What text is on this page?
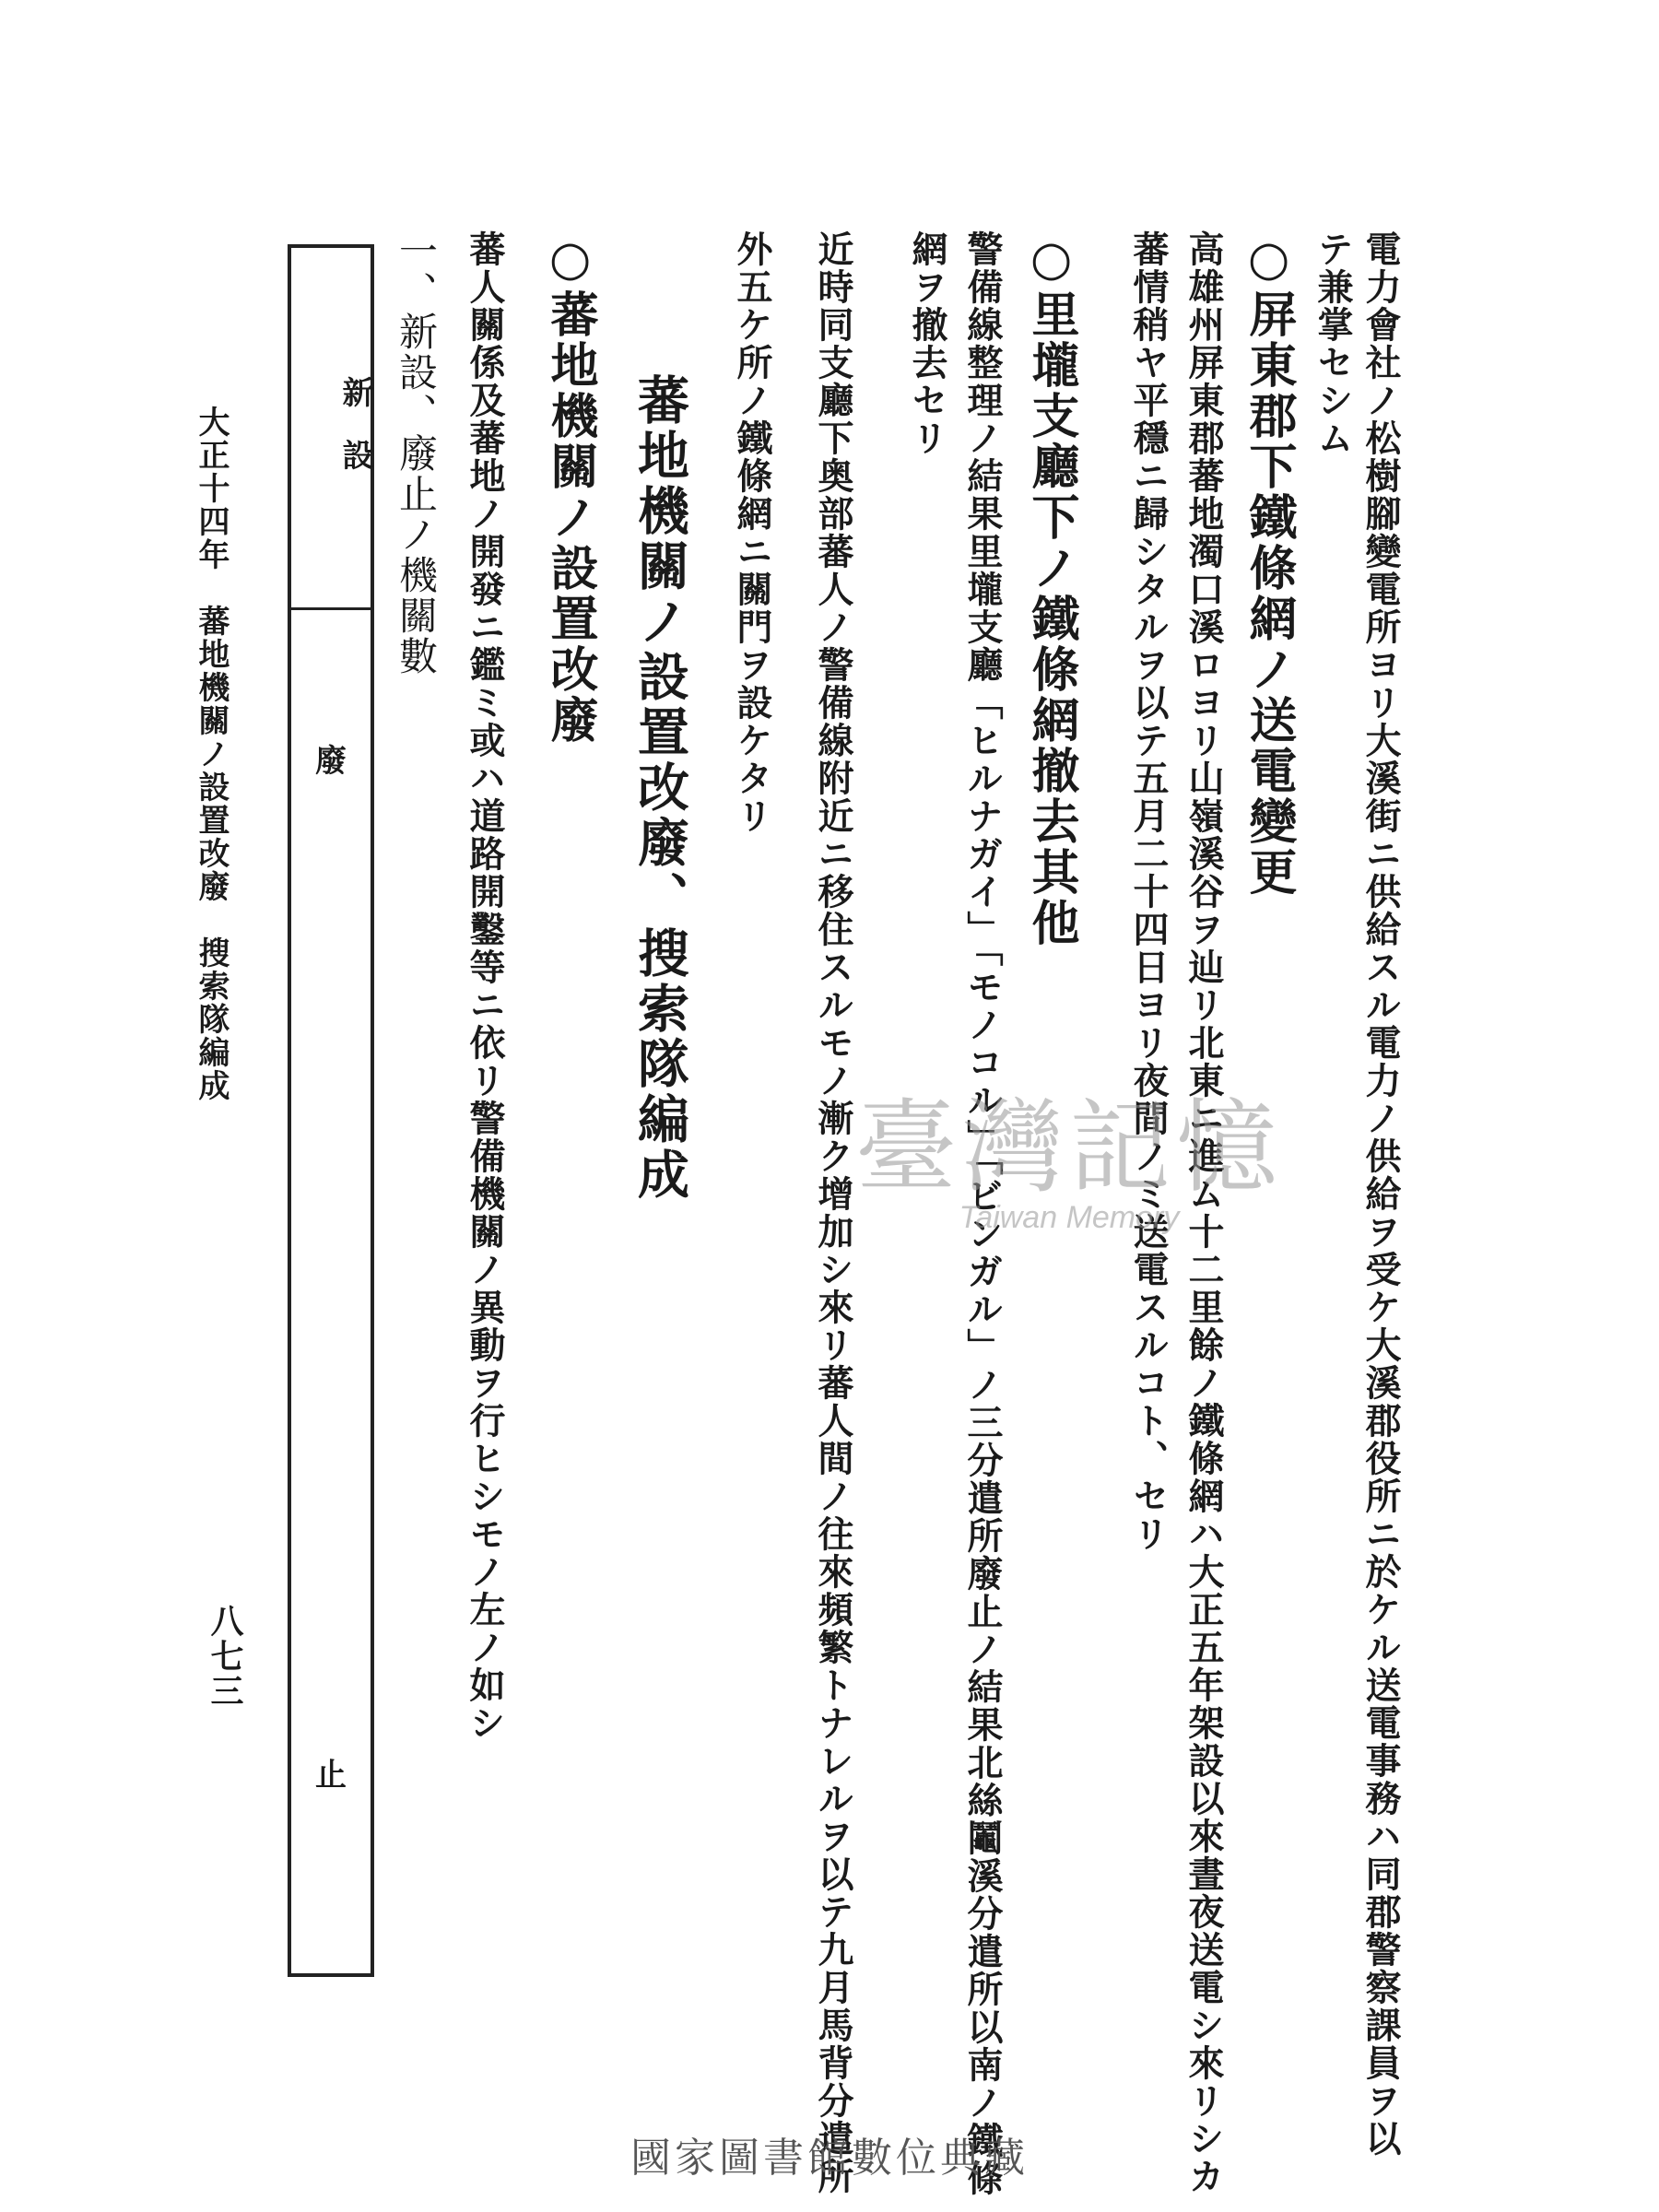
電力會社ノ松樹腳變電所ヨリ大溪街ニ供給スル電力ノ供給ヲ受ケ大溪郡役所ニ於ケル送電事務ハ同郡警察課員ヲ以
テ兼掌セシム
○屏東郡下鐵條網ノ送電變更
高雄州屏東郡蕃地濁口溪ロヨリ山嶺溪谷ヲ辿リ北東ニ進ム十二里餘ノ鐵條網ハ大正五年架設以來晝夜送電シ來リシカ
蕃情稍ヤ平穩ニ歸シタルヲ以テ五月二十四日ヨリ夜間ノミ送電スルコト、セリ
○里壠支廳下ノ鐵條網撤去其他
警備線整理ノ結果里壠支廳「ヒルナガイ」「モノコル」「ビンガル」ノ三分遣所廢止ノ結果北絲鬮溪分遣所以南ノ鐵條
網ヲ撤去セリ
近時同支廳下奥部蕃人ノ警備線附近ニ移住スルモノ漸ク增加シ來リ蕃人間ノ往來頻繁トナレルヲ以テ九月馬背分遣所
外五ケ所ノ鐵條網ニ關門ヲ設ケタリ
蕃地機關ノ設置改廢、搜索隊編成
○蕃地機關ノ設置改廢
蕃人關係及蕃地ノ開發ニ鑑ミ或ハ道路開鑿等ニ依リ警備機關ノ異動ヲ行ヒシモノ左ノ如シ
一、新設、廢止ノ機關數
新　設
廢
止
大正十四年　蕃地機關ノ設置改廢　搜索隊編成
八七三
臺灣記憶
Taiwan Memory
國家圖書館數位典藏
